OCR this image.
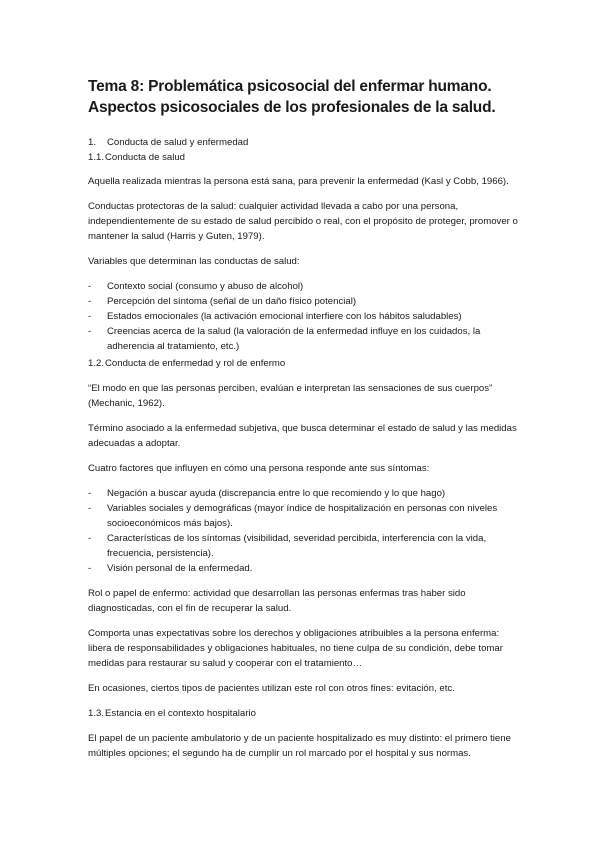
Tema 8: Problemática psicosocial del enfermar humano.
Aspectos psicosociales de los profesionales de la salud.
1.	Conducta de salud y enfermedad
1.1. Conducta de salud
Aquella realizada mientras la persona está sana, para prevenir la enfermedad (Kasl y Cobb, 1966).
Conductas protectoras de la salud: cualquier actividad llevada a cabo por una persona, independientemente de su estado de salud percibido o real, con el propósito de proteger, promover o mantener la salud (Harris y Guten, 1979).
Variables que determinan las conductas de salud:
- Contexto social (consumo y abuso de alcohol)
- Percepción del síntoma (señal de un daño físico potencial)
- Estados emocionales (la activación emocional interfiere con los hábitos saludables)
- Creencias acerca de la salud (la valoración de la enfermedad influye en los cuidados, la adherencia al tratamiento, etc.)
1.2. Conducta de enfermedad y rol de enfermo
“El modo en que las personas perciben, evalúan e interpretan las sensaciones de sus cuerpos” (Mechanic, 1962).
Término asociado a la enfermedad subjetiva, que busca determinar el estado de salud y las medidas adecuadas a adoptar.
Cuatro factores que influyen en cómo una persona responde ante sus síntomas:
- Negación a buscar ayuda (discrepancia entre lo que recomiendo y lo que hago)
- Variables sociales y demográficas (mayor índice de hospitalización en personas con niveles socioeconómicos más bajos).
- Características de los síntomas (visibilidad, severidad percibida, interferencia con la vida, frecuencia, persistencia).
- Visión personal de la enfermedad.
Rol o papel de enfermo: actividad que desarrollan las personas enfermas tras haber sido diagnosticadas, con el fin de recuperar la salud.
Comporta unas expectativas sobre los derechos y obligaciones atribuibles a la persona enferma: libera de responsabilidades y obligaciones habituales, no tiene culpa de su condición, debe tomar medidas para restaurar su salud y cooperar con el tratamiento…
En ocasiones, ciertos tipos de pacientes utilizan este rol con otros fines: evitación, etc.
1.3. Estancia en el contexto hospitalario
El papel de un paciente ambulatorio y de un paciente hospitalizado es muy distinto: el primero tiene múltiples opciones; el segundo ha de cumplir un rol marcado por el hospital y sus normas.
